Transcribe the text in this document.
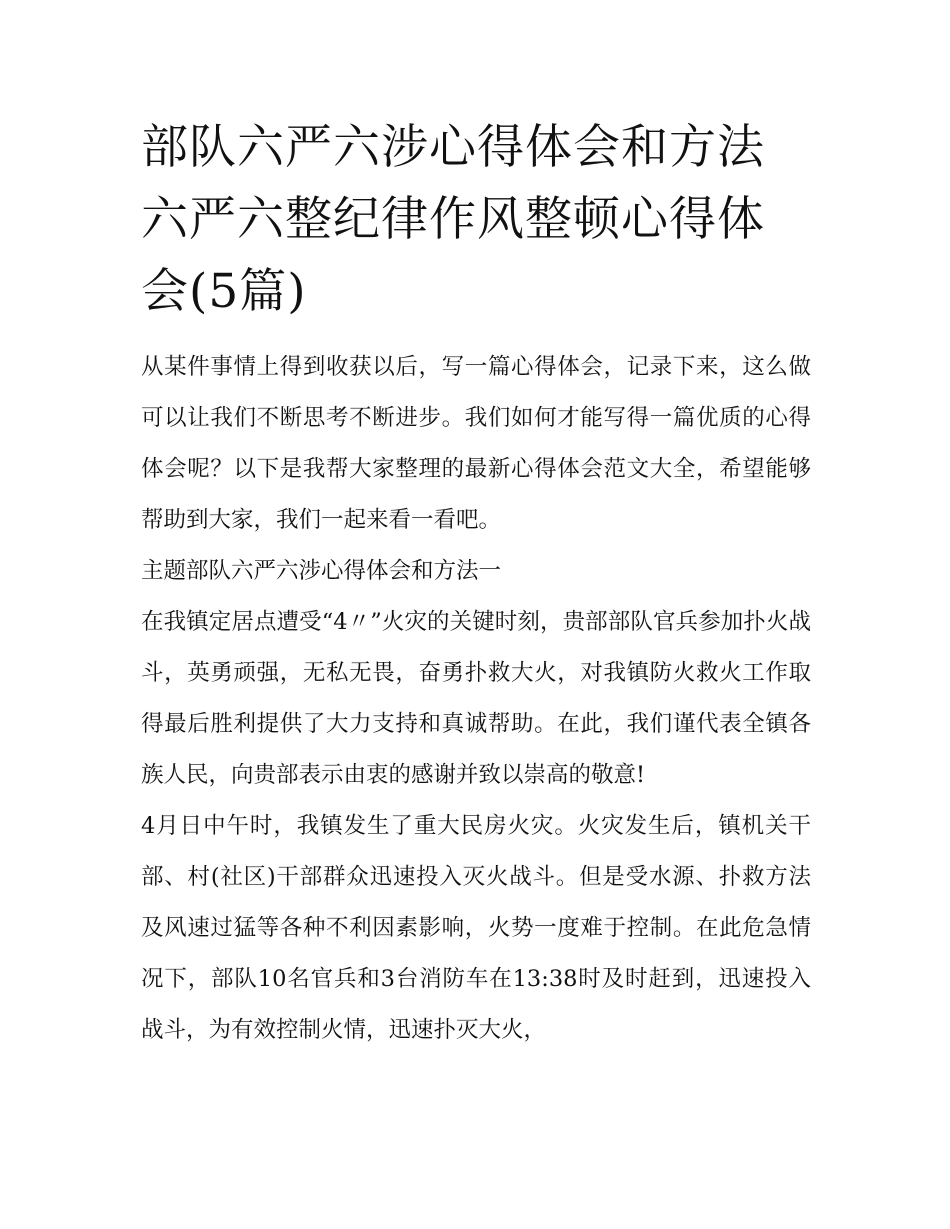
部队六严六涉心得体会和方法六严六整纪律作风整顿心得体会(5篇)

从某件事情上得到收获以后，写一篇心得体会，记录下来，这么做可以让我们不断思考不断进步。我们如何才能写得一篇优质的心得体会呢？以下是我帮大家整理的最新心得体会范文大全，希望能够帮助到大家，我们一起来看一看吧。

主题部队六严六涉心得体会和方法一

在我镇定居点遭受“4〃”火灾的关键时刻，贵部部队官兵参加扑火战斗，英勇顽强，无私无畏，奋勇扑救大火，对我镇防火救火工作取得最后胜利提供了大力支持和真诚帮助。在此，我们谨代表全镇各族人民，向贵部表示由衷的感谢并致以崇高的敬意!

4月日中午时，我镇发生了重大民房火灾。火灾发生后，镇机关干部、村(社区)干部群众迅速投入灭火战斗。但是受水源、扑救方法及风速过猛等各种不利因素影响，火势一度难于控制。在此危急情况下，部队10名官兵和3台消防车在13:38时及时赶到，迅速投入战斗，为有效控制火情，迅速扑灭大火，
